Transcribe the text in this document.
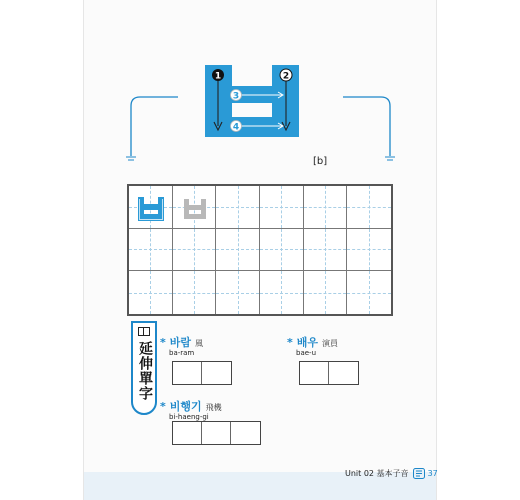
1	2
3
4
[b]
延伸單字 * 바람 風
ba-ram
* 배우 演員
bae-u
* 비행기 飛機
bi-haeng-gi
Unit 02 基本子音 37
